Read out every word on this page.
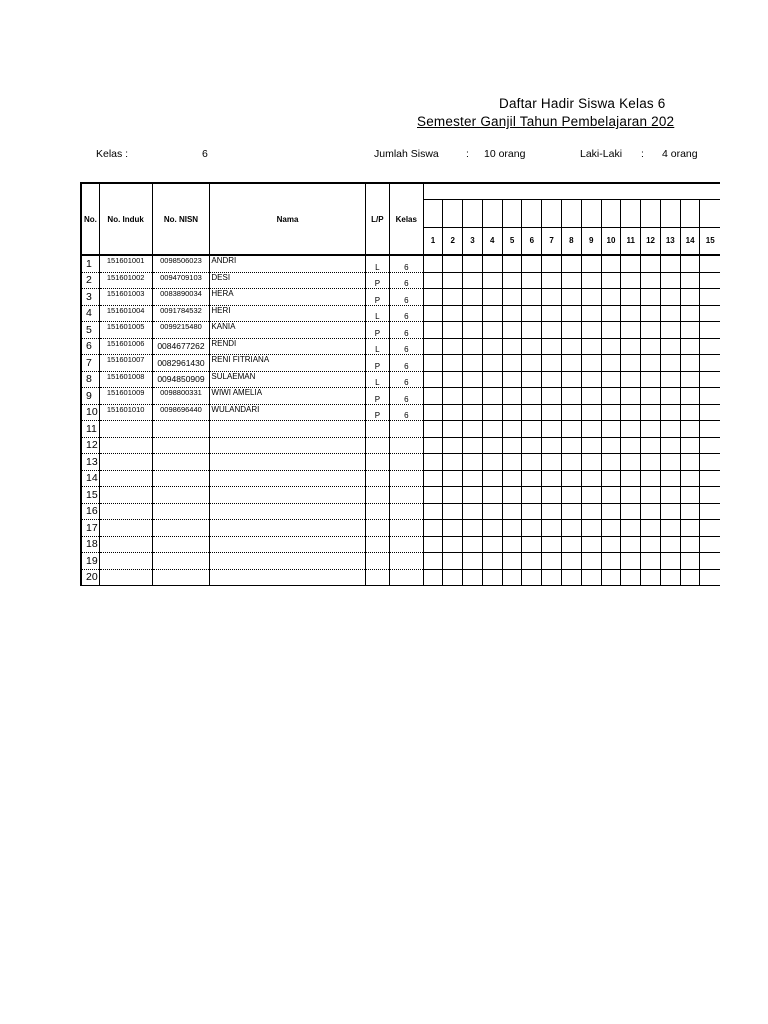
Daftar Hadir Siswa Kelas 6
Semester Ganjil Tahun Pembelajaran 202
Kelas :	6	Jumlah Siswa	: 10 orang	Laki-Laki : 4 orang
No.	No. Induk	No. NISN	Nama	L/P	Kelas															

						1	2	3	4	5	6	7	8	9	10	11	12	13	14	15
1	151601001	0098506023	ANDRI	L	6															
2	151601002	0094709103	DESI	P	6															
3	151601003	0083890034	HERA	P	6															
4	151601004	0091784532	HERI	L	6															
5	151601005	0099215480	KANIA	P	6															
6	151601006	0084677262	RENDI	L	6															
7	151601007	0082961430	RENI FITRIANA	P	6															
8	151601008	0094850909	SULAEMAN	L	6															
9	151601009	0098800331	WIWI AMELIA	P	6															
10	151601010	0098696440	WULANDARI	P	6															
11																				
12																				
13																				
14																				
15																				
16																				
17																				
18																				
19																				
20																				
